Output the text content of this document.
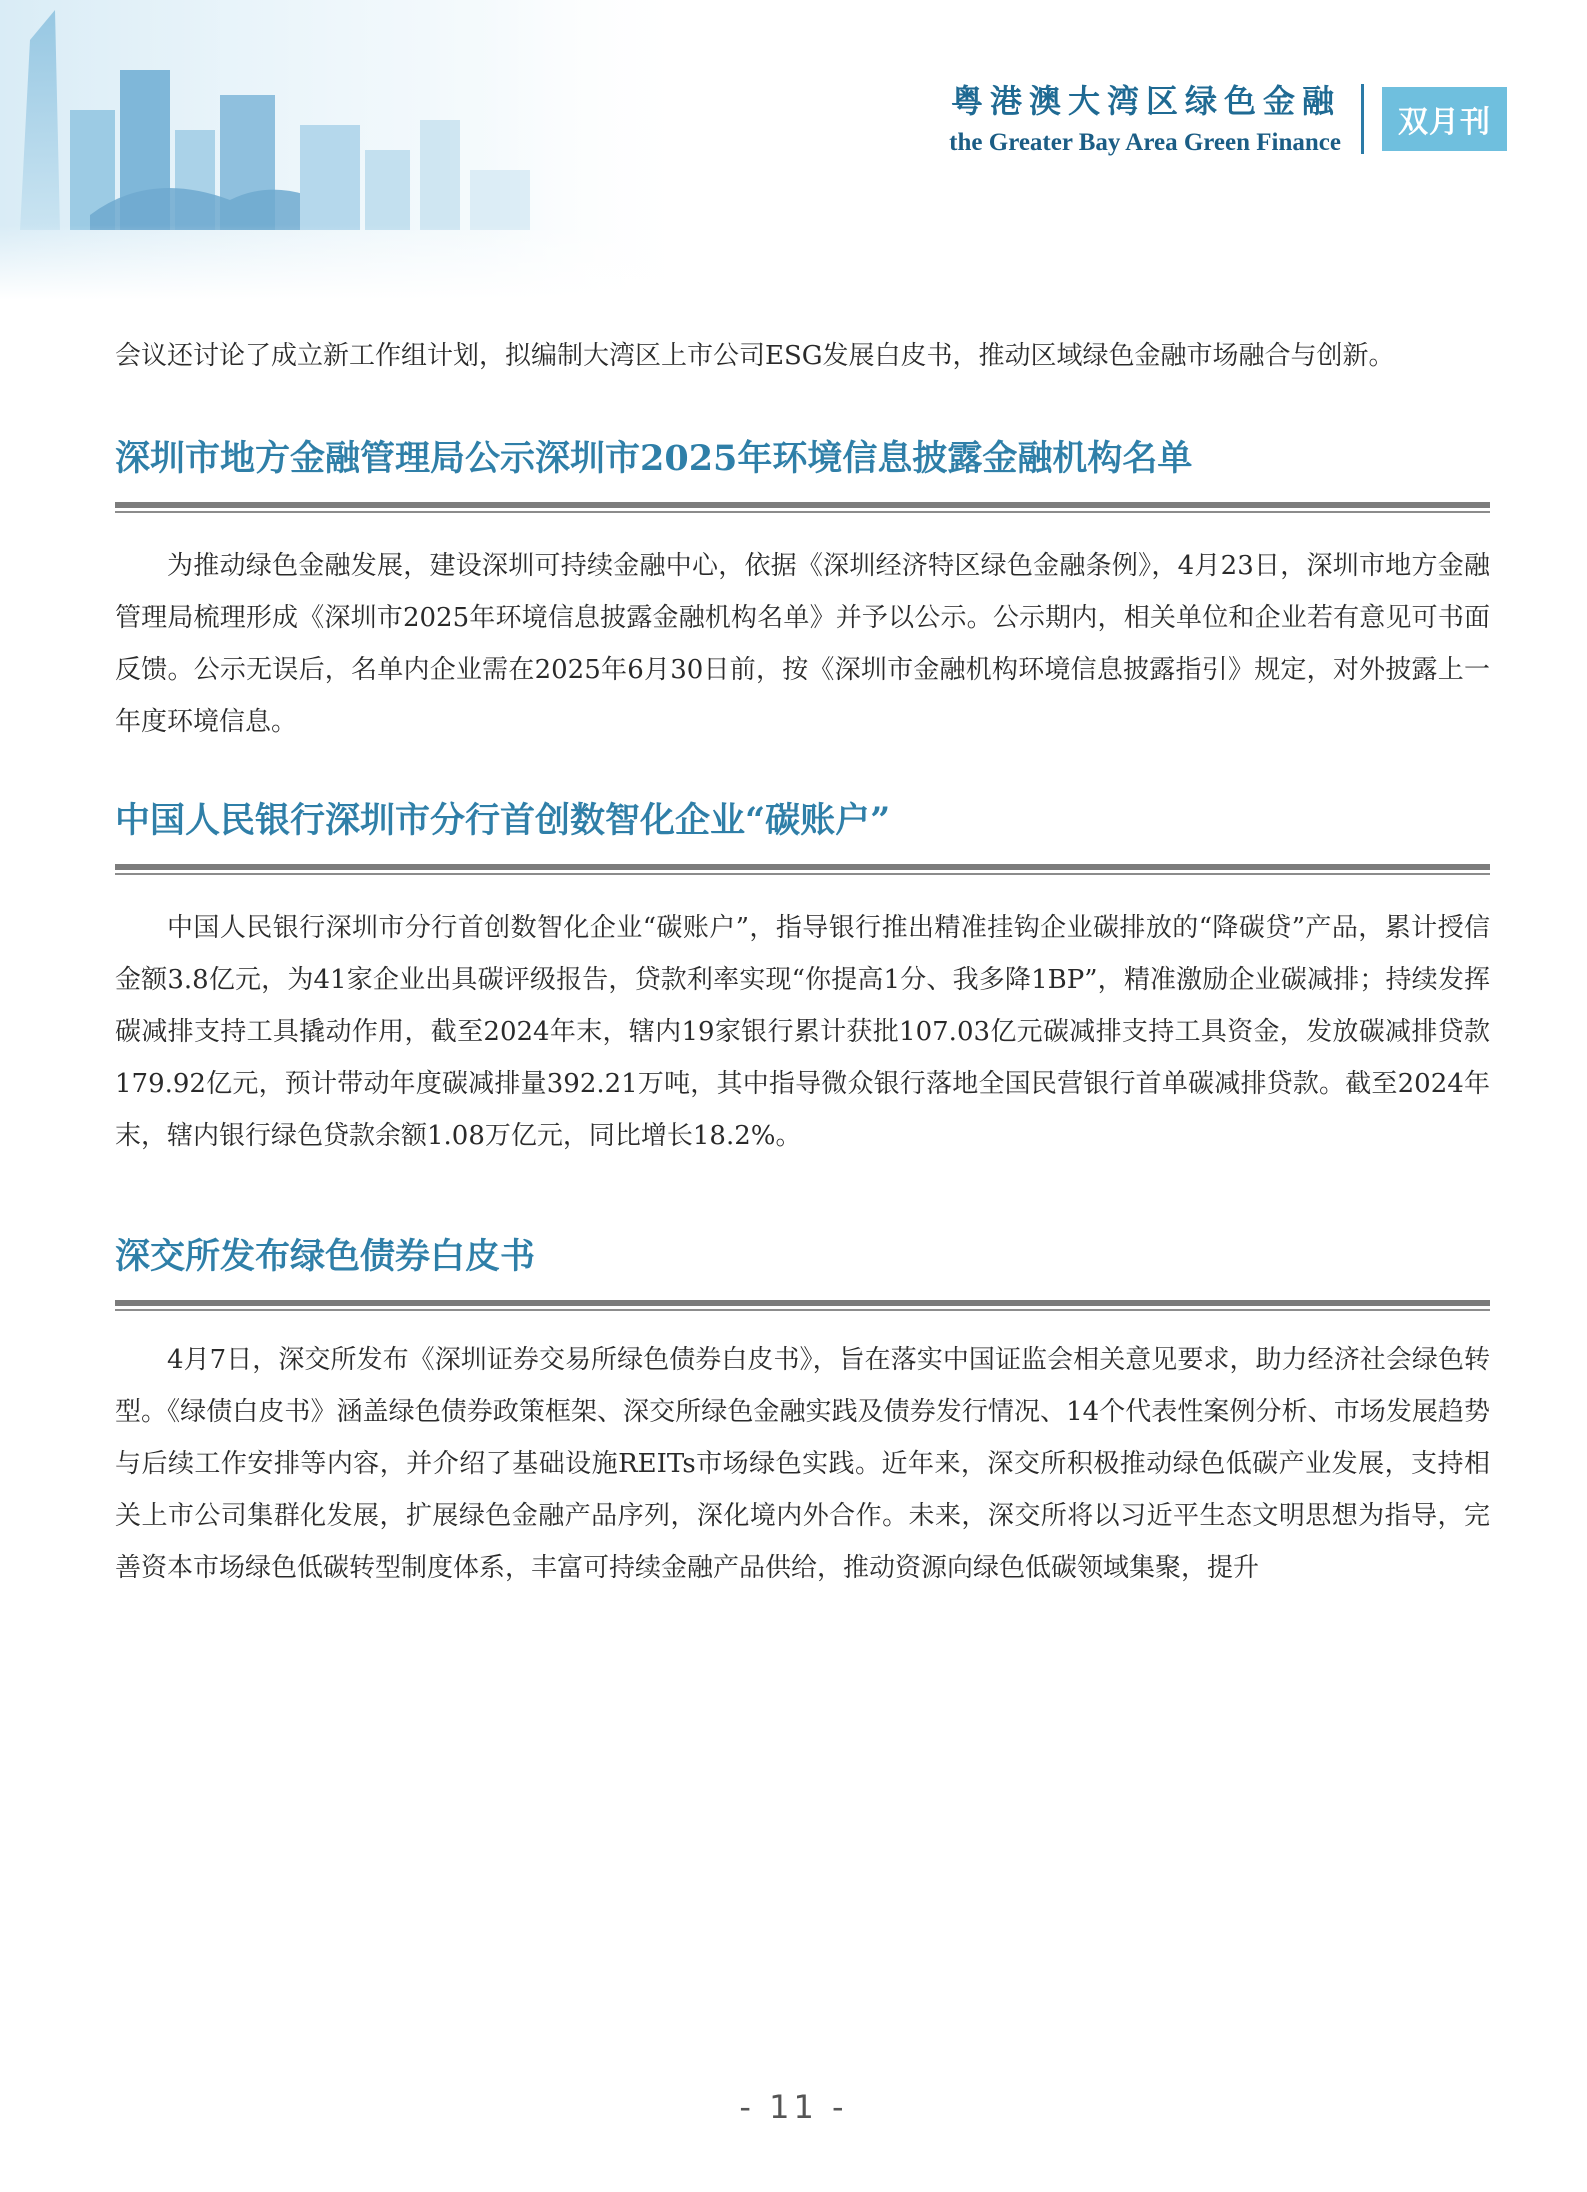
粤港澳大湾区绿色金融
the Greater Bay Area Green Finance
双月刊

会议还讨论了成立新工作组计划，拟编制大湾区上市公司ESG发展白皮书，推动区域绿色金融市场融合与创新。

深圳市地方金融管理局公示深圳市2025年环境信息披露金融机构名单

为推动绿色金融发展，建设深圳可持续金融中心，依据《深圳经济特区绿色金融条例》，4月23日，深圳市地方金融管理局梳理形成《深圳市2025年环境信息披露金融机构名单》并予以公示。公示期内，相关单位和企业若有意见可书面反馈。公示无误后，名单内企业需在2025年6月30日前，按《深圳市金融机构环境信息披露指引》规定，对外披露上一年度环境信息。

中国人民银行深圳市分行首创数智化企业“碳账户”

中国人民银行深圳市分行首创数智化企业“碳账户”，指导银行推出精准挂钩企业碳排放的“降碳贷”产品，累计授信金额3.8亿元，为41家企业出具碳评级报告，贷款利率实现“你提高1分、我多降1BP”，精准激励企业碳减排；持续发挥碳减排支持工具撬动作用，截至2024年末，辖内19家银行累计获批107.03亿元碳减排支持工具资金，发放碳减排贷款179.92亿元，预计带动年度碳减排量392.21万吨，其中指导微众银行落地全国民营银行首单碳减排贷款。截至2024年末，辖内银行绿色贷款余额1.08万亿元，同比增长18.2%。

深交所发布绿色债券白皮书

4月7日，深交所发布《深圳证券交易所绿色债券白皮书》，旨在落实中国证监会相关意见要求，助力经济社会绿色转型。《绿债白皮书》涵盖绿色债券政策框架、深交所绿色金融实践及债券发行情况、14个代表性案例分析、市场发展趋势与后续工作安排等内容，并介绍了基础设施REITs市场绿色实践。近年来，深交所积极推动绿色低碳产业发展，支持相关上市公司集群化发展，扩展绿色金融产品序列，深化境内外合作。未来，深交所将以习近平生态文明思想为指导，完善资本市场绿色低碳转型制度体系，丰富可持续金融产品供给，推动资源向绿色低碳领域集聚，提升

- 11 -
